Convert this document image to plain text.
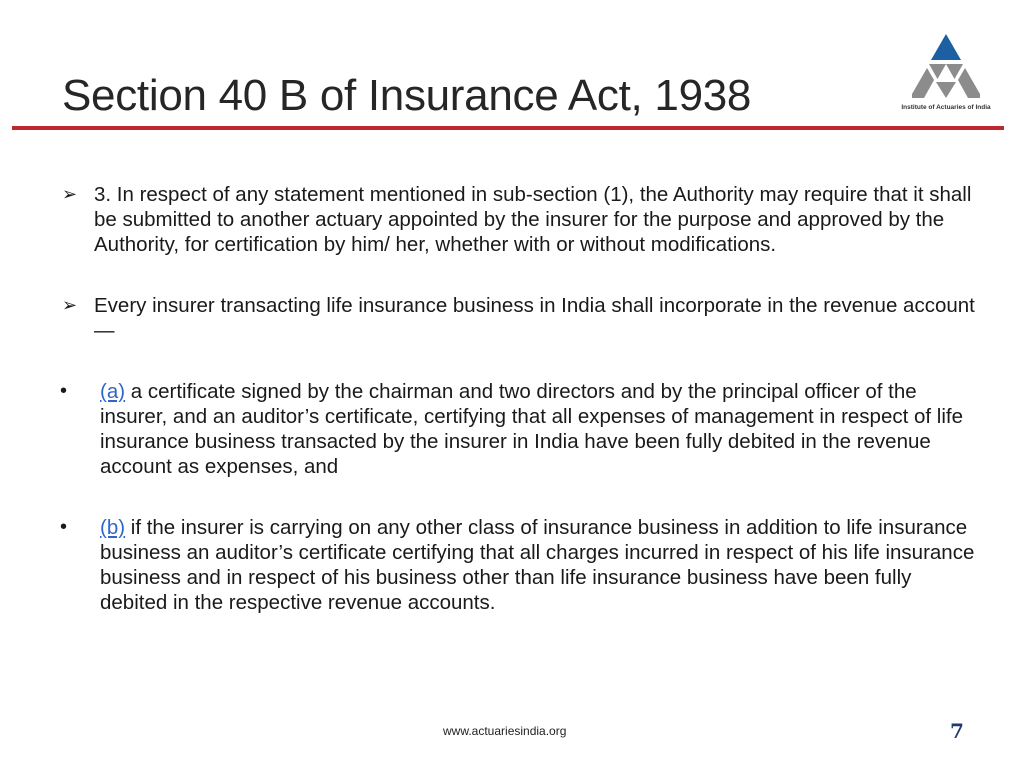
Section 40 B of Insurance Act, 1938	Institute of Actuaries of India
➢ 3. In respect of any statement mentioned in sub-section (1), the Authority may require that it shall be submitted to another actuary appointed by the insurer for the purpose and approved by the Authority, for certification by him/ her, whether with or without modifications.
➢ Every insurer transacting life insurance business in India shall incorporate in the revenue account—
• (a) a certificate signed by the chairman and two directors and by the principal officer of the insurer, and an auditor’s certificate, certifying that all expenses of management in respect of life insurance business transacted by the insurer in India have been fully debited in the revenue account as expenses, and
• (b) if the insurer is carrying on any other class of insurance business in addition to life insurance business an auditor’s certificate certifying that all charges incurred in respect of his life insurance business and in respect of his business other than life insurance business have been fully debited in the respective revenue accounts.
www.actuariesindia.org	7
